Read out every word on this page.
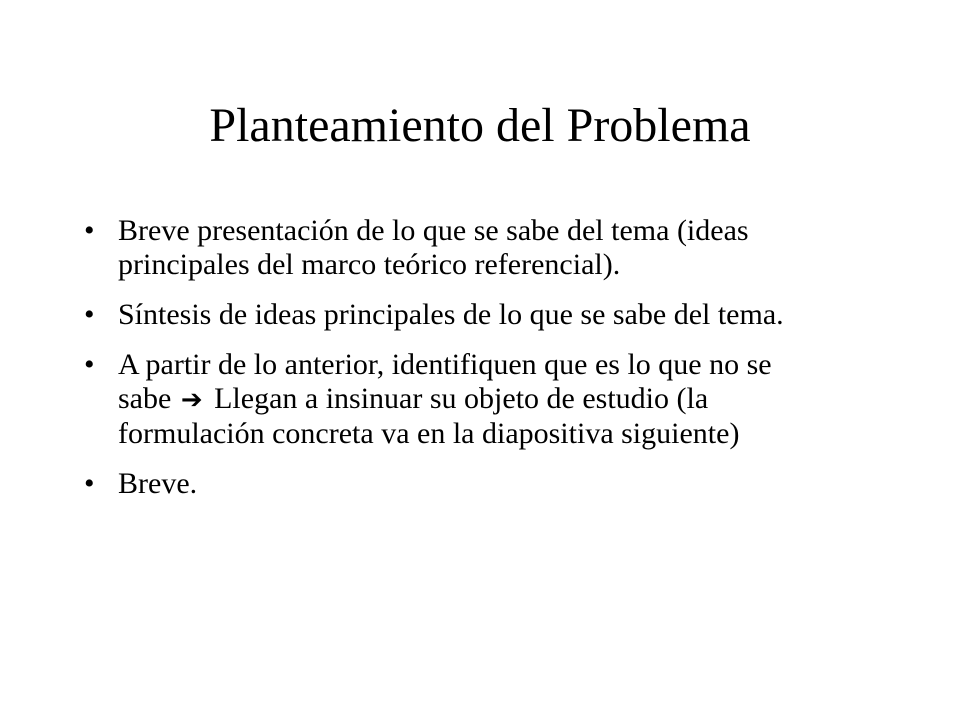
Planteamiento del Problema
• Breve presentación de lo que se sabe del tema (ideas principales del marco teórico referencial).
• Síntesis de ideas principales de lo que se sabe del tema.
• A partir de lo anterior, identifiquen que es lo que no se sabe ➔ Llegan a insinuar su objeto de estudio (la formulación concreta va en la diapositiva siguiente)
• Breve.
